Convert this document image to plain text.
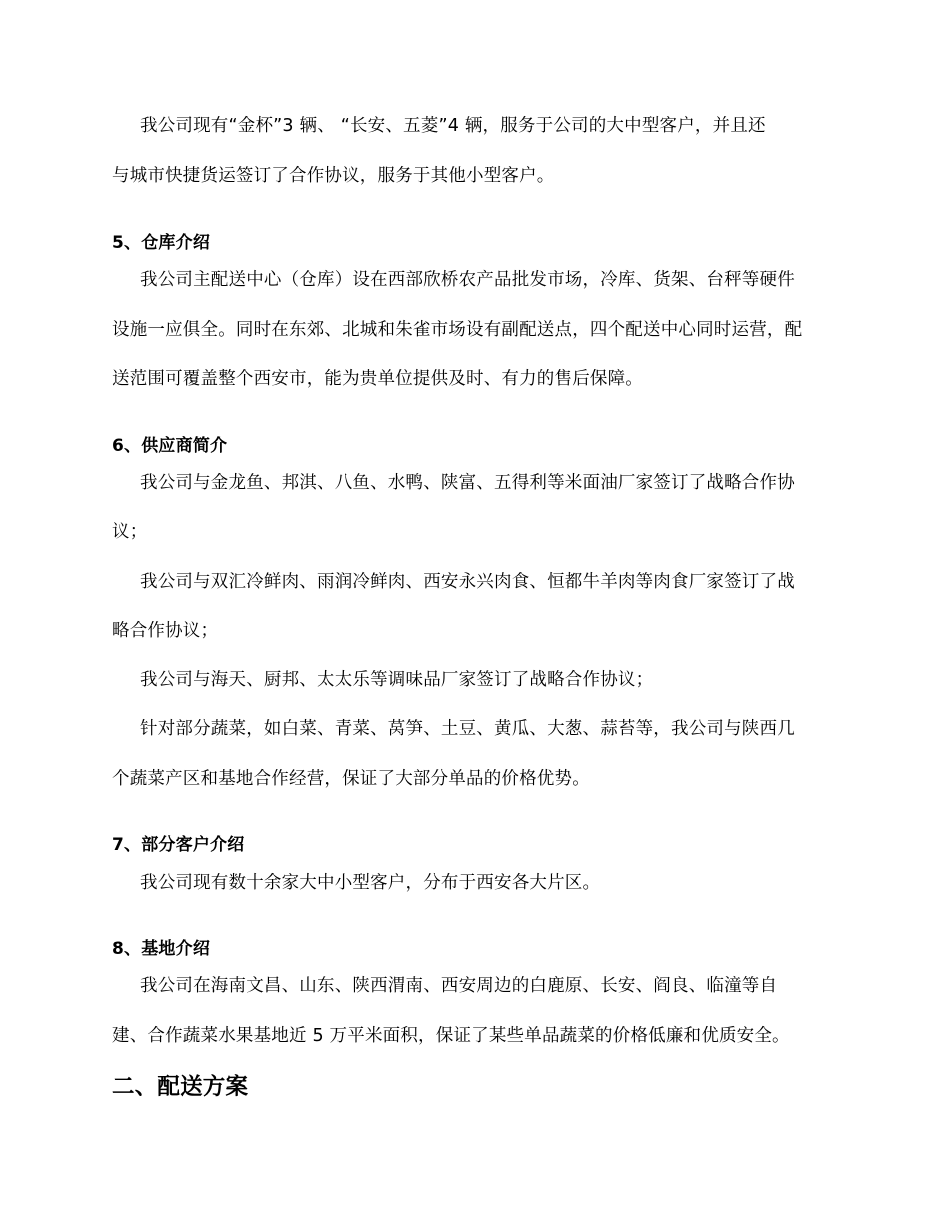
我公司现有“金杯”3 辆、 “长安、五菱”4 辆，服务于公司的大中型客户，并且还
与城市快捷货运签订了合作协议，服务于其他小型客户。
5、仓库介绍
我公司主配送中心（仓库）设在西部欣桥农产品批发市场，冷库、货架、台秤等硬件
设施一应俱全。同时在东郊、北城和朱雀市场设有副配送点，四个配送中心同时运营，配
送范围可覆盖整个西安市，能为贵单位提供及时、有力的售后保障。
6、供应商简介
我公司与金龙鱼、邦淇、八鱼、水鸭、陕富、五得利等米面油厂家签订了战略合作协
议；
我公司与双汇冷鲜肉、雨润冷鲜肉、西安永兴肉食、恒都牛羊肉等肉食厂家签订了战
略合作协议；
我公司与海天、厨邦、太太乐等调味品厂家签订了战略合作协议；
针对部分蔬菜，如白菜、青菜、莴笋、土豆、黄瓜、大葱、蒜苔等，我公司与陕西几
个蔬菜产区和基地合作经营，保证了大部分单品的价格优势。
7、部分客户介绍
我公司现有数十余家大中小型客户，分布于西安各大片区。
8、基地介绍
我公司在海南文昌、山东、陕西渭南、西安周边的白鹿原、长安、阎良、临潼等自
建、合作蔬菜水果基地近 5 万平米面积，保证了某些单品蔬菜的价格低廉和优质安全。
二、配送方案
